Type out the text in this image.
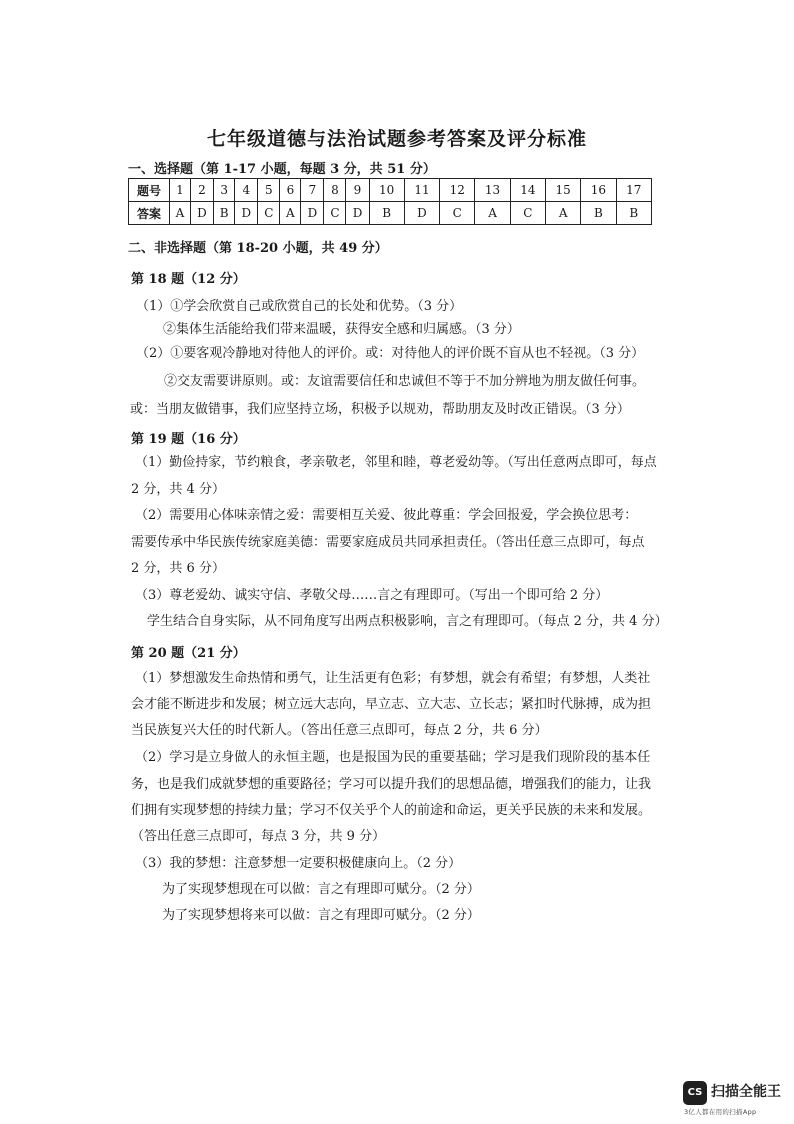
七年级道德与法治试题参考答案及评分标准
一、选择题（第 1-17 小题，每题 3 分，共 51 分）
题号	1	2	3	4	5	6	7	8	9	10	11	12	13	14	15	16	17
答案	A	D	B	D	C	A	D	C	D	B	D	C	A	C	A	B	B
二、非选择题（第 18-20 小题，共 49 分）
第 18 题（12 分）
（1）①学会欣赏自己或欣赏自己的长处和优势。（3 分）
②集体生活能给我们带来温暖，获得安全感和归属感。（3 分）
（2）①要客观冷静地对待他人的评价。或：对待他人的评价既不盲从也不轻视。（3 分）
②交友需要讲原则。或：友谊需要信任和忠诚但不等于不加分辨地为朋友做任何事。
或：当朋友做错事，我们应坚持立场，积极予以规劝，帮助朋友及时改正错误。（3 分）
第 19 题（16 分）
（1）勤俭持家，节约粮食，孝亲敬老，邻里和睦，尊老爱幼等。（写出任意两点即可，每点
2 分，共 4 分）
（2）需要用心体味亲情之爱：需要相互关爱、彼此尊重：学会回报爱，学会换位思考：
需要传承中华民族传统家庭美德：需要家庭成员共同承担责任。（答出任意三点即可，每点
2 分，共 6 分）
（3）尊老爱幼、诚实守信、孝敬父母……言之有理即可。（写出一个即可给 2 分）
学生结合自身实际，从不同角度写出两点积极影响，言之有理即可。（每点 2 分，共 4 分）
第 20 题（21 分）
（1）梦想激发生命热情和勇气，让生活更有色彩；有梦想，就会有希望；有梦想，人类社
会才能不断进步和发展；树立远大志向，早立志、立大志、立长志；紧扣时代脉搏，成为担
当民族复兴大任的时代新人。（答出任意三点即可，每点 2 分，共 6 分）
（2）学习是立身做人的永恒主题，也是报国为民的重要基础；学习是我们现阶段的基本任
务，也是我们成就梦想的重要路径；学习可以提升我们的思想品德，增强我们的能力，让我
们拥有实现梦想的持续力量；学习不仅关乎个人的前途和命运，更关乎民族的未来和发展。
（答出任意三点即可，每点 3 分，共 9 分）
（3）我的梦想：注意梦想一定要积极健康向上。（2 分）
为了实现梦想现在可以做：言之有理即可赋分。（2 分）
为了实现梦想将来可以做：言之有理即可赋分。（2 分）
CS 扫描全能王
3亿人都在用的扫描App
